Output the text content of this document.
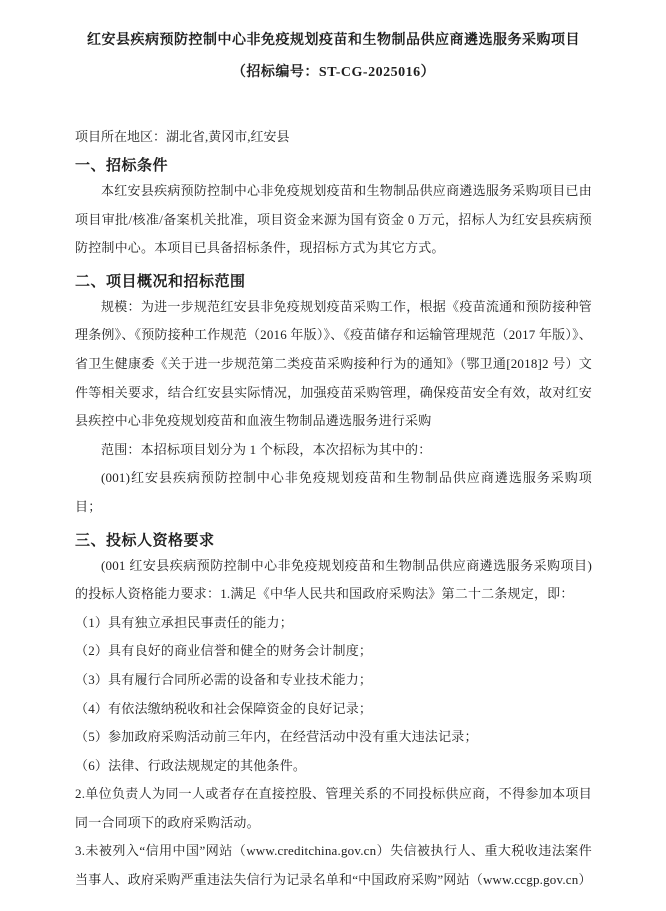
红安县疾病预防控制中心非免疫规划疫苗和生物制品供应商遴选服务采购项目
（招标编号：ST-CG-2025016）
项目所在地区：湖北省,黄冈市,红安县
一、招标条件

本红安县疾病预防控制中心非免疫规划疫苗和生物制品供应商遴选服务采购项目已由项目审批/核准/备案机关批准，项目资金来源为国有资金 0 万元，招标人为红安县疾病预防控制中心。本项目已具备招标条件，现招标方式为其它方式。

二、项目概况和招标范围

规模：为进一步规范红安县非免疫规划疫苗采购工作，根据《疫苗流通和预防接种管理条例》、《预防接种工作规范（2016 年版）》、《疫苗储存和运输管理规范（2017 年版）》、省卫生健康委《关于进一步规范第二类疫苗采购接种行为的通知》（鄂卫通[2018]2 号）文件等相关要求，结合红安县实际情况，加强疫苗采购管理，确保疫苗安全有效，故对红安县疾控中心非免疫规划疫苗和血液生物制品遴选服务进行采购

范围：本招标项目划分为 1 个标段，本次招标为其中的：

(001)红安县疾病预防控制中心非免疫规划疫苗和生物制品供应商遴选服务采购项目；

三、投标人资格要求

(001 红安县疾病预防控制中心非免疫规划疫苗和生物制品供应商遴选服务采购项目)的投标人资格能力要求：1.满足《中华人民共和国政府采购法》第二十二条规定，即：

（1）具有独立承担民事责任的能力；

（2）具有良好的商业信誉和健全的财务会计制度；

（3）具有履行合同所必需的设备和专业技术能力；

（4）有依法缴纳税收和社会保障资金的良好记录；

（5）参加政府采购活动前三年内，在经营活动中没有重大违法记录；

（6）法律、行政法规规定的其他条件。

2.单位负责人为同一人或者存在直接控股、管理关系的不同投标供应商，不得参加本项目同一合同项下的政府采购活动。

3.未被列入“信用中国”网站（www.creditchina.gov.cn）失信被执行人、重大税收违法案件当事人、政府采购严重违法失信行为记录名单和“中国政府采购”网站（www.ccgp.gov.cn）
